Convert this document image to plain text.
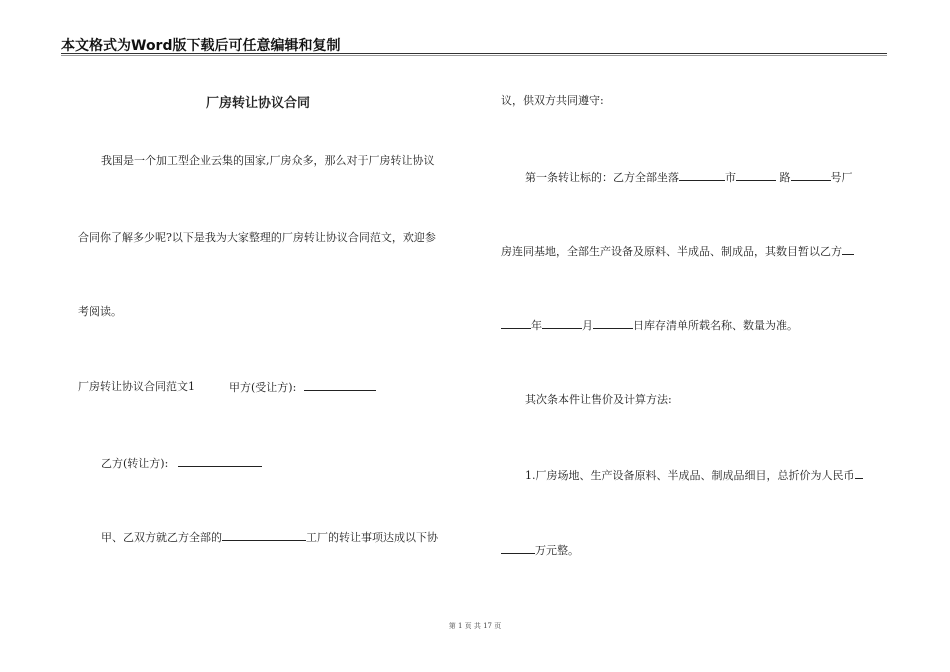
本文格式为Word版下载后可任意编辑和复制
厂房转让协议合同
我国是一个加工型企业云集的国家,厂房众多，那么对于厂房转让协议
合同你了解多少呢?以下是我为大家整理的厂房转让协议合同范文，欢迎参
考阅读。
厂房转让协议合同范文1	甲方(受让方):
乙方(转让方):
甲、乙双方就乙方全部的	工厂的转让事项达成以下协
议，供双方共同遵守:
第一条转让标的：乙方全部坐落	市	路	号厂
房连同基地，全部生产设备及原料、半成品、制成品，其数目暂以乙方
年	月	日库存清单所载名称、数量为准。
其次条本件让售价及计算方法:
1.厂房场地、生产设备原料、半成品、制成品细目，总折价为人民币
万元整。
第 1 页 共 17 页
